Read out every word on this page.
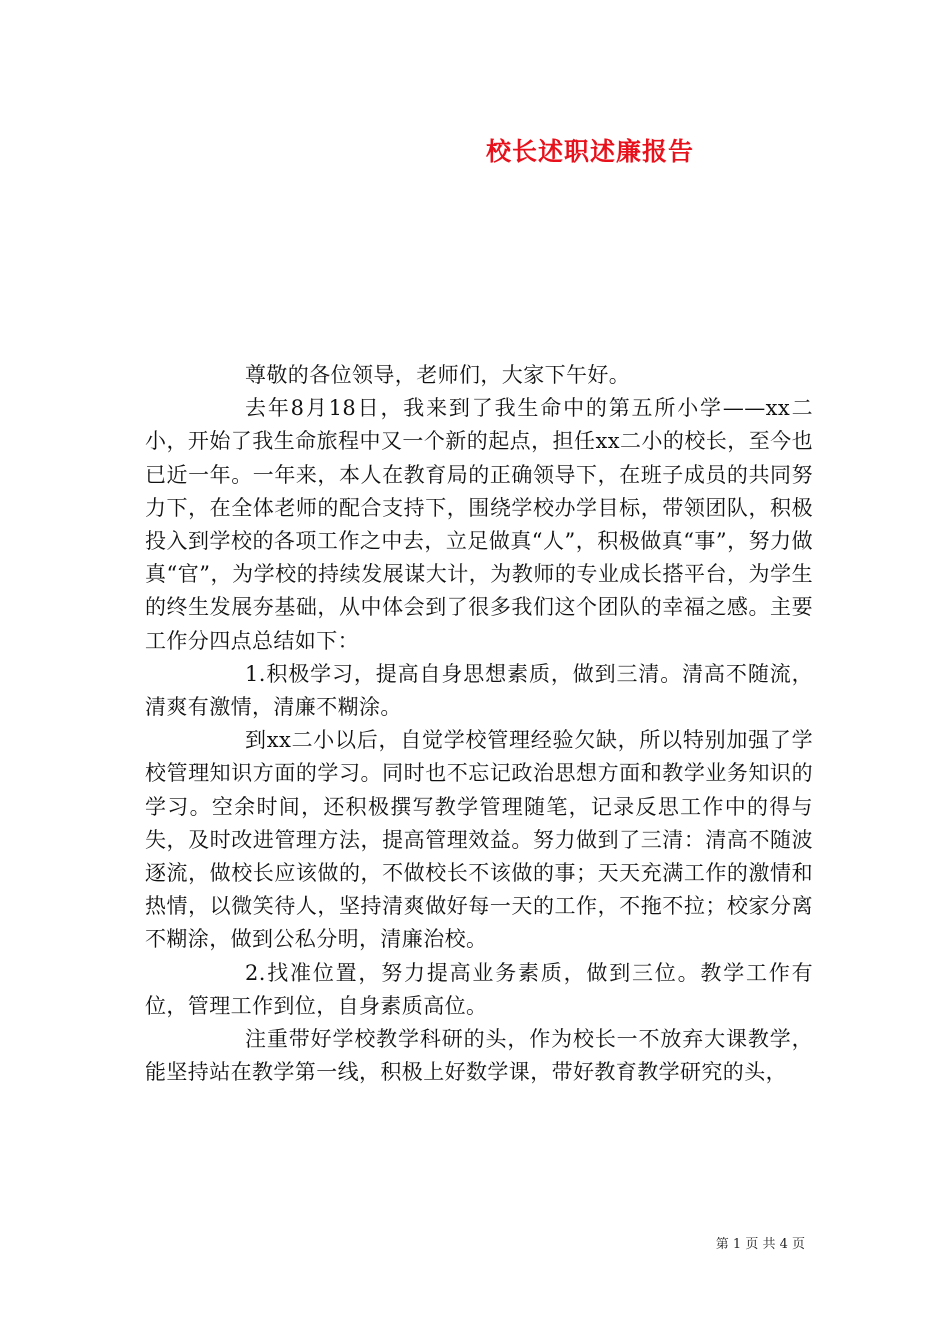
校长述职述廉报告

尊敬的各位领导，老师们，大家下午好。

去年8月18日，我来到了我生命中的第五所小学——xx二小，开始了我生命旅程中又一个新的起点，担任xx二小的校长，至今也已近一年。一年来，本人在教育局的正确领导下，在班子成员的共同努力下，在全体老师的配合支持下，围绕学校办学目标，带领团队，积极投入到学校的各项工作之中去，立足做真“人”，积极做真“事”，努力做真“官”，为学校的持续发展谋大计，为教师的专业成长搭平台，为学生的终生发展夯基础，从中体会到了很多我们这个团队的幸福之感。主要工作分四点总结如下：

1.积极学习，提高自身思想素质，做到三清。清高不随流，清爽有激情，清廉不糊涂。

到xx二小以后，自觉学校管理经验欠缺，所以特别加强了学校管理知识方面的学习。同时也不忘记政治思想方面和教学业务知识的学习。空余时间，还积极撰写教学管理随笔，记录反思工作中的得与失，及时改进管理方法，提高管理效益。努力做到了三清：清高不随波逐流，做校长应该做的，不做校长不该做的事；天天充满工作的激情和热情，以微笑待人，坚持清爽做好每一天的工作，不拖不拉；校家分离不糊涂，做到公私分明，清廉治校。

2.找准位置，努力提高业务素质，做到三位。教学工作有位，管理工作到位，自身素质高位。

注重带好学校教学科研的头，作为校长一不放弃大课教学，能坚持站在教学第一线，积极上好数学课，带好教育教学研究的头，

第 1 页 共 4 页
